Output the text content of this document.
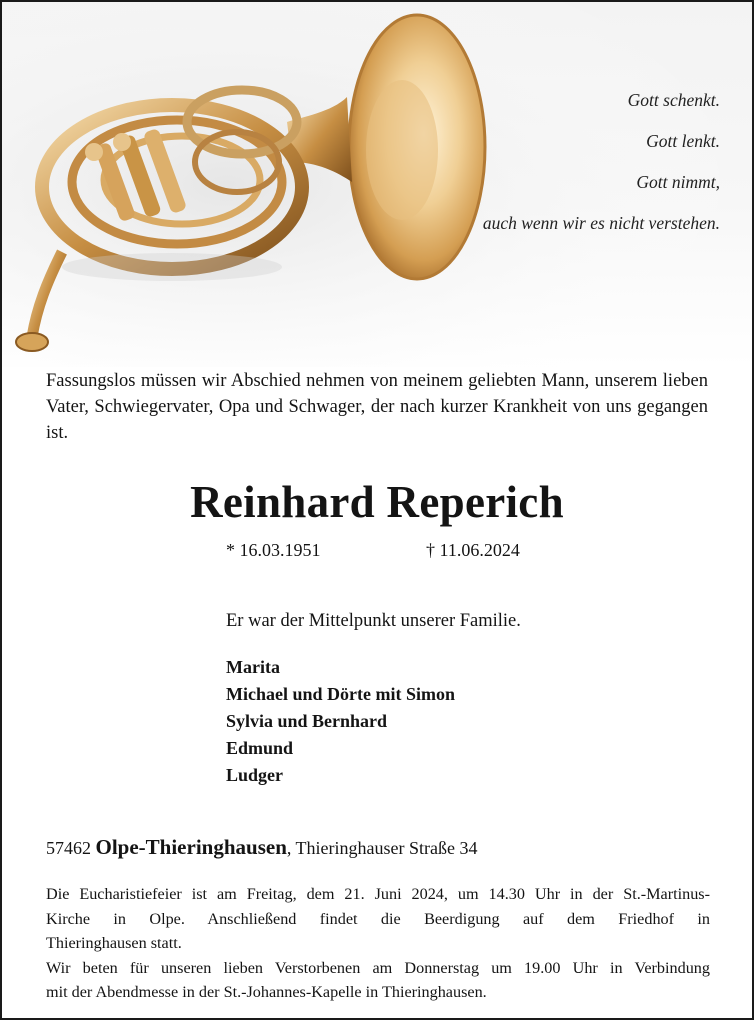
Gott schenkt.
Gott lenkt.
Gott nimmt,
auch wenn wir es nicht verstehen.
Fassungslos müssen wir Abschied nehmen von meinem geliebten Mann, unserem lieben Vater, Schwiegervater, Opa und Schwager, der nach kurzer Krankheit von uns gegangen ist.
Reinhard Reperich
* 16.03.1951	† 11.06.2024
Er war der Mittelpunkt unserer Familie.
Marita
Michael und Dörte mit Simon
Sylvia und Bernhard
Edmund
Ludger
57462 Olpe-Thieringhausen, Thieringhauser Straße 34
Die Eucharistiefeier ist am Freitag, dem 21. Juni 2024, um 14.30 Uhr in der St.-Martinus-
Kirche in Olpe. Anschließend findet die Beerdigung auf dem Friedhof in
Thieringhausen statt.
Wir beten für unseren lieben Verstorbenen am Donnerstag um 19.00 Uhr in Verbindung
mit der Abendmesse in der St.-Johannes-Kapelle in Thieringhausen.
